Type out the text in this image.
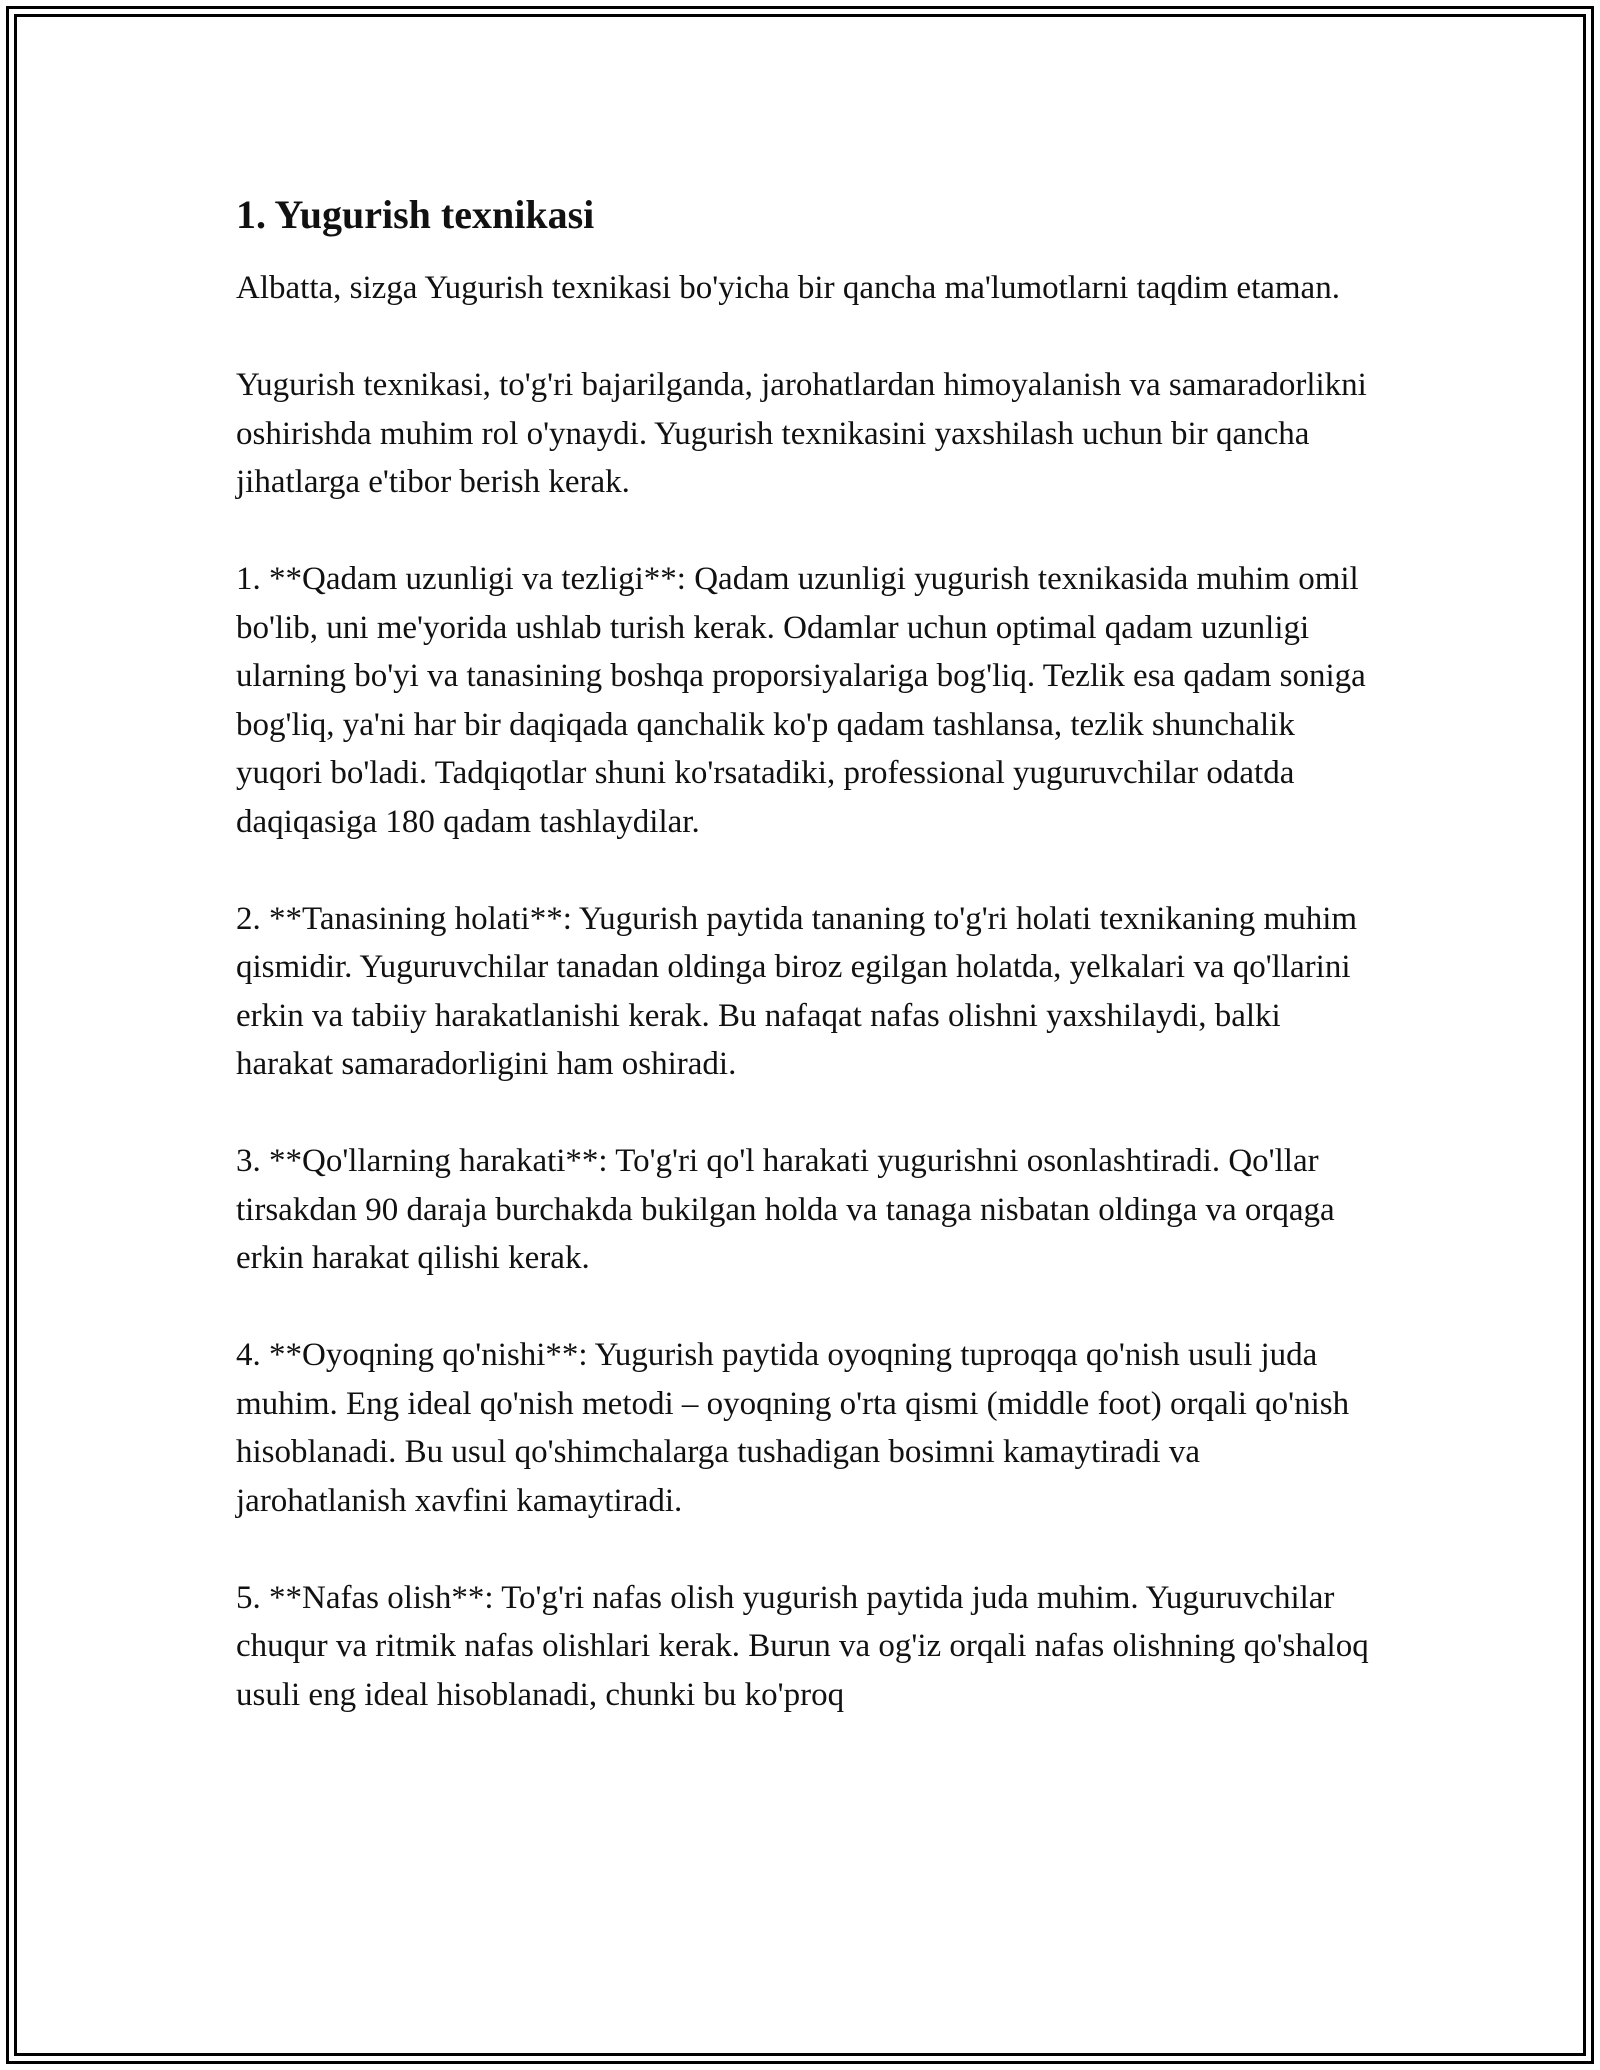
1. Yugurish texnikasi

Albatta, sizga Yugurish texnikasi bo'yicha bir qancha ma'lumotlarni taqdim etaman.

Yugurish texnikasi, to'g'ri bajarilganda, jarohatlardan himoyalanish va samaradorlikni oshirishda muhim rol o'ynaydi. Yugurish texnikasini yaxshilash uchun bir qancha jihatlarga e'tibor berish kerak.

1. **Qadam uzunligi va tezligi**: Qadam uzunligi yugurish texnikasida muhim omil bo'lib, uni me'yorida ushlab turish kerak. Odamlar uchun optimal qadam uzunligi ularning bo'yi va tanasining boshqa proporsiyalariga bog'liq. Tezlik esa qadam soniga bog'liq, ya'ni har bir daqiqada qanchalik ko'p qadam tashlansa, tezlik shunchalik yuqori bo'ladi. Tadqiqotlar shuni ko'rsatadiki, professional yuguruvchilar odatda daqiqasiga 180 qadam tashlaydilar.

2. **Tanasining holati**: Yugurish paytida tananing to'g'ri holati texnikaning muhim qismidir. Yuguruvchilar tanadan oldinga biroz egilgan holatda, yelkalari va qo'llarini erkin va tabiiy harakatlanishi kerak. Bu nafaqat nafas olishni yaxshilaydi, balki harakat samaradorligini ham oshiradi.

3. **Qo'llarning harakati**: To'g'ri qo'l harakati yugurishni osonlashtiradi. Qo'llar tirsakdan 90 daraja burchakda bukilgan holda va tanaga nisbatan oldinga va orqaga erkin harakat qilishi kerak.

4. **Oyoqning qo'nishi**: Yugurish paytida oyoqning tuproqqa qo'nish usuli juda muhim. Eng ideal qo'nish metodi – oyoqning o'rta qismi (middle foot) orqali qo'nish hisoblanadi. Bu usul qo'shimchalarga tushadigan bosimni kamaytiradi va jarohatlanish xavfini kamaytiradi.

5. **Nafas olish**: To'g'ri nafas olish yugurish paytida juda muhim. Yuguruvchilar chuqur va ritmik nafas olishlari kerak. Burun va og'iz orqali nafas olishning qo'shaloq usuli eng ideal hisoblanadi, chunki bu ko'proq
